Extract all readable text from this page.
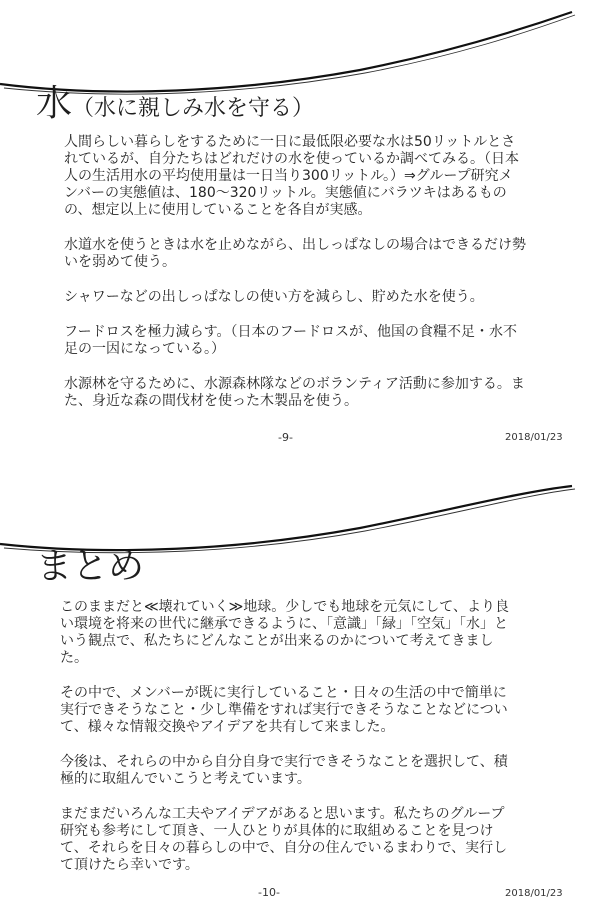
水（水に親しみ水を守る）

人間らしい暮らしをするために一日に最低限必要な水は50リットルとされているが、自分たちはどれだけの水を使っているか調べてみる。（日本人の生活用水の平均使用量は一日当り300リットル。）⇒グループ研究メンバーの実態値は、180～320リットル。実態値にバラツキはあるものの、想定以上に使用していることを各自が実感。

水道水を使うときは水を止めながら、出しっぱなしの場合はできるだけ勢いを弱めて使う。

シャワーなどの出しっぱなしの使い方を減らし、貯めた水を使う。

フードロスを極力減らす。（日本のフードロスが、他国の食糧不足・水不足の一因になっている。）

水源林を守るために、水源森林隊などのボランティア活動に参加する。また、身近な森の間伐材を使った木製品を使う。

-9-	2018/01/23
まとめ

このままだと≪壊れていく≫地球。少しでも地球を元気にして、より良い環境を将来の世代に継承できるように、「意識」「緑」「空気」「水」という観点で、私たちにどんなことが出来るのかについて考えてきました。

その中で、メンバーが既に実行していること・日々の生活の中で簡単に実行できそうなこと・少し準備をすれば実行できそうなことなどについて、様々な情報交換やアイデアを共有して来ました。

今後は、それらの中から自分自身で実行できそうなことを選択して、積極的に取組んでいこうと考えています。

まだまだいろんな工夫やアイデアがあると思います。私たちのグループ研究も参考にして頂き、一人ひとりが具体的に取組めることを見つけて、それらを日々の暮らしの中で、自分の住んでいるまわりで、実行して頂けたら幸いです。

-10-	2018/01/23
